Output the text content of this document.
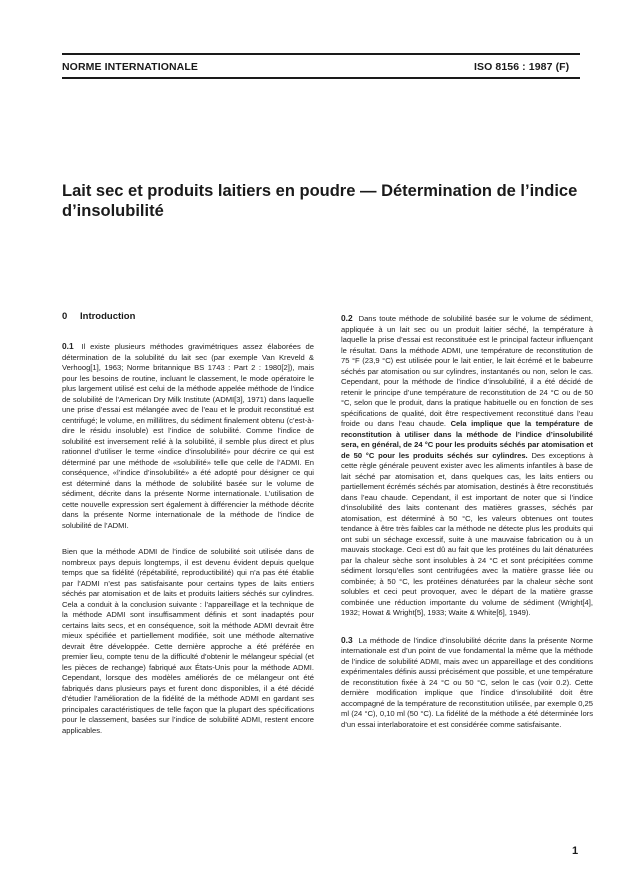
NORME INTERNATIONALE	ISO 8156 : 1987 (F)
Lait sec et produits laitiers en poudre — Détermination de l’indice d’insolubilité
0 Introduction

0.1 Il existe plusieurs méthodes gravimétriques assez élaborées de détermination de la solubilité du lait sec (par exemple Van Kreveld & Verhoog[1], 1963; Norme britannique BS 1743 : Part 2 : 1980[2]), mais pour les besoins de routine, incluant le classement, le mode opératoire le plus largement utilisé est celui de la méthode appelée méthode de l’indice de solubilité de l’American Dry Milk Institute (ADMI[3], 1971) dans laquelle une prise d’essai est mélangée avec de l’eau et le produit reconstitué est centrifugé; le volume, en millilitres, du sédiment finalement obtenu (c’est-à-dire le résidu insoluble) est l’indice de solubilité. Comme l’indice de solubilité est inversement relié à la solubilité, il semble plus direct et plus rationnel d’utiliser le terme «indice d’insolubilité» pour décrire ce qui est déterminé par une méthode de «solubilité» telle que celle de l’ADMI. En conséquence, «l’indice d’insolubilité» a été adopté pour désigner ce qui est déterminé dans la méthode de solubilité basée sur le volume de sédiment, décrite dans la présente Norme internationale. L’utilisation de cette nouvelle expression sert également à différencier la méthode décrite dans la présente Norme internationale de la méthode de l’indice de solubilité de l’ADMI.

Bien que la méthode ADMI de l’indice de solubilité soit utilisée dans de nombreux pays depuis longtemps, il est devenu évident depuis quelque temps que sa fidélité (répétabilité, reproductibilité) qui n’a pas été établie par l’ADMI n’est pas satisfaisante pour certains types de laits entiers séchés par atomisation et de laits et produits laitiers séchés sur cylindres. Cela a conduit à la conclusion suivante : l’appareillage et la technique de la méthode ADMI sont insuffisamment définis et sont inadaptés pour certains laits secs, et en conséquence, soit la méthode ADMI devrait être mieux spécifiée et partiellement modifiée, soit une méthode alternative devrait être développée. Cette dernière approche a été préférée en premier lieu, compte tenu de la difficulté d’obtenir le mélangeur spécial (et les pièces de rechange) fabriqué aux États-Unis pour la méthode ADMI. Cependant, lorsque des modèles améliorés de ce mélangeur ont été fabriqués dans plusieurs pays et furent donc disponibles, il a été décidé d’étudier l’amélioration de la fidélité de la méthode ADMI en gardant ses principales caractéristiques de telle façon que la plupart des spécifications pour le classement, basées sur l’indice de solubilité ADMI, restent encore applicables.

0.2 Dans toute méthode de solubilité basée sur le volume de sédiment, appliquée à un lait sec ou un produit laitier séché, la température à laquelle la prise d’essai est reconstituée est le principal facteur influençant le résultat. Dans la méthode ADMI, une température de reconstitution de 75 °F (23,9 °C) est utilisée pour le lait entier, le lait écrémé et le babeurre séchés par atomisation ou sur cylindres, instantanés ou non, selon le cas. Cependant, pour la méthode de l’indice d’insolubilité, il a été décidé de retenir le principe d’une température de reconstitution de 24 °C ou de 50 °C, selon que le produit, dans la pratique habituelle ou en fonction de ses spécifications de qualité, doit être respectivement reconstitué dans l’eau froide ou dans l’eau chaude. Cela implique que la température de reconstitution à utiliser dans la méthode de l’indice d’insolubilité sera, en général, de 24 °C pour les produits séchés par atomisation et de 50 °C pour les produits séchés sur cylindres. Des exceptions à cette règle générale peuvent exister avec les aliments infantiles à base de lait séché par atomisation et, dans quelques cas, les laits entiers ou partiellement écrémés séchés par atomisation, destinés à être reconstitués dans l’eau chaude. Cependant, il est important de noter que si l’indice d’insolubilité des laits contenant des matières grasses, séchés par atomisation, est déterminé à 50 °C, les valeurs obtenues ont toutes tendance à être très faibles car la méthode ne détecte plus les produits qui ont subi un séchage excessif, suite à une mauvaise fabrication ou à un mauvais stockage. Ceci est dû au fait que les protéines du lait dénaturées par la chaleur sèche sont insolubles à 24 °C et sont précipitées comme sédiment lorsqu’elles sont centrifugées avec la matière grasse liée ou combinée; à 50 °C, les protéines dénaturées par la chaleur sèche sont solubles et ceci peut provoquer, avec le départ de la matière grasse combinée une réduction importante du volume de sédiment (Wright[4], 1932; Howat & Wright[5], 1933; Waite & White[6], 1949).

0.3 La méthode de l’indice d’insolubilité décrite dans la présente Norme internationale est d’un point de vue fondamental la même que la méthode de l’indice de solubilité ADMI, mais avec un appareillage et des conditions expérimentales définis aussi précisément que possible, et une température de reconstitution fixée à 24 °C ou 50 °C, selon le cas (voir 0.2). Cette dernière modification implique que l’indice d’insolubilité doit être accompagné de la température de reconstitution utilisée, par exemple 0,25 ml (24 °C), 0,10 ml (50 °C). La fidélité de la méthode a été déterminée lors d’un essai interlaboratoire et est considérée comme satisfaisante.

1
